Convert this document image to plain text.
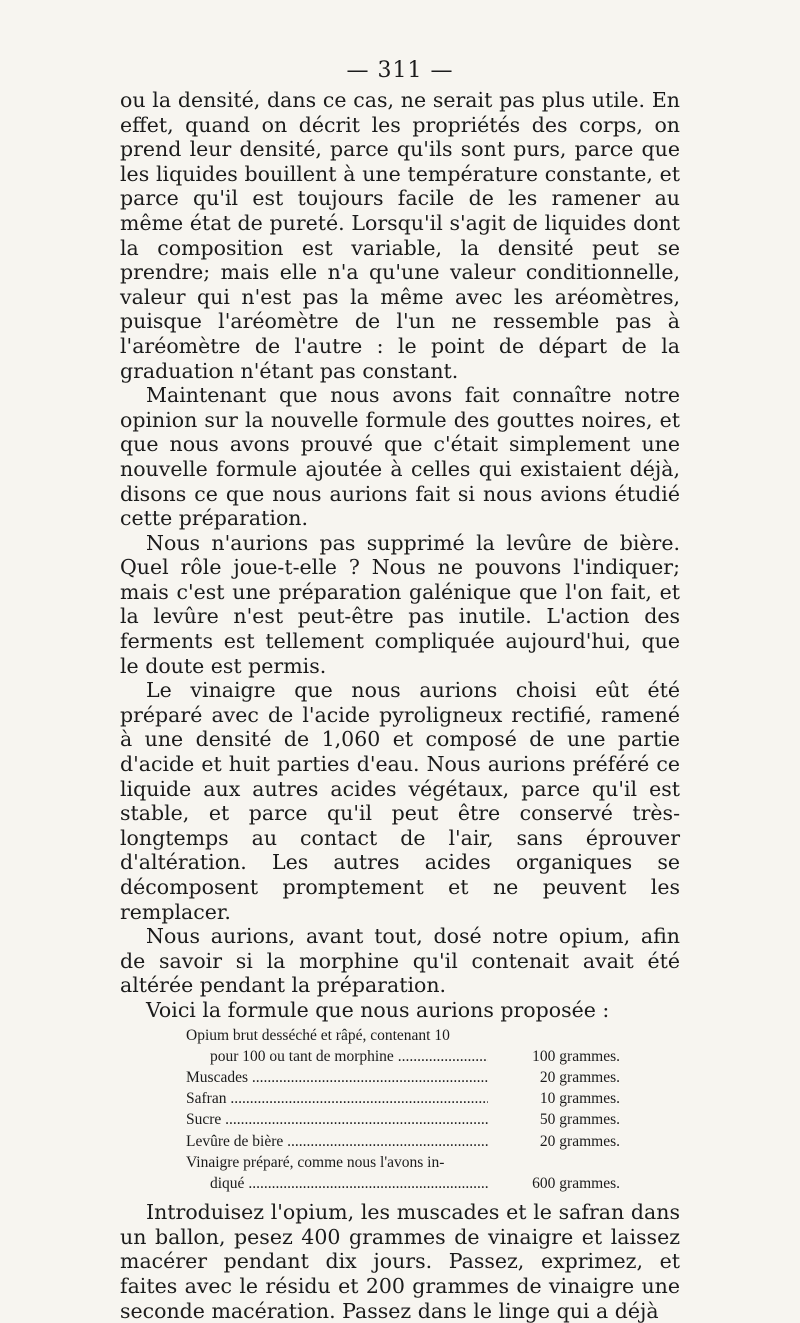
— 311 —

ou la densité, dans ce cas, ne serait pas plus utile. En effet, quand on décrit les propriétés des corps, on prend leur densité, parce qu'ils sont purs, parce que les liquides bouillent à une température constante, et parce qu'il est toujours facile de les ramener au même état de pureté. Lorsqu'il s'agit de liquides dont la composition est variable, la densité peut se prendre; mais elle n'a qu'une valeur conditionnelle, valeur qui n'est pas la même avec les aréomètres, puisque l'aréomètre de l'un ne ressemble pas à l'aréomètre de l'autre : le point de départ de la graduation n'étant pas constant.

Maintenant que nous avons fait connaître notre opinion sur la nouvelle formule des gouttes noires, et que nous avons prouvé que c'était simplement une nouvelle formule ajoutée à celles qui existaient déjà, disons ce que nous aurions fait si nous avions étudié cette préparation.

Nous n'aurions pas supprimé la levûre de bière. Quel rôle joue-t-elle ? Nous ne pouvons l'indiquer; mais c'est une préparation galénique que l'on fait, et la levûre n'est peut-être pas inutile. L'action des ferments est tellement compliquée aujourd'hui, que le doute est permis.

Le vinaigre que nous aurions choisi eût été préparé avec de l'acide pyroligneux rectifié, ramené à une densité de 1,060 et composé de une partie d'acide et huit parties d'eau. Nous aurions préféré ce liquide aux autres acides végétaux, parce qu'il est stable, et parce qu'il peut être conservé très-longtemps au contact de l'air, sans éprouver d'altération. Les autres acides organiques se décomposent promptement et ne peuvent les remplacer.

Nous aurions, avant tout, dosé notre opium, afin de savoir si la morphine qu'il contenait avait été altérée pendant la préparation.

Voici la formule que nous aurions proposée :

Opium brut desséché et râpé, contenant 10
pour 100 ou tant de morphine .....	100 grammes.
Muscades .....	20 grammes.
Safran .....	10 grammes.
Sucre .....	50 grammes.
Levûre de bière .....	20 grammes.
Vinaigre préparé, comme nous l'avons in-
diqué .....	600 grammes.

Introduisez l'opium, les muscades et le safran dans un ballon, pesez 400 grammes de vinaigre et laissez macérer pendant dix jours. Passez, exprimez, et faites avec le résidu et 200 grammes de vinaigre une seconde macération. Passez dans le linge qui a déjà
